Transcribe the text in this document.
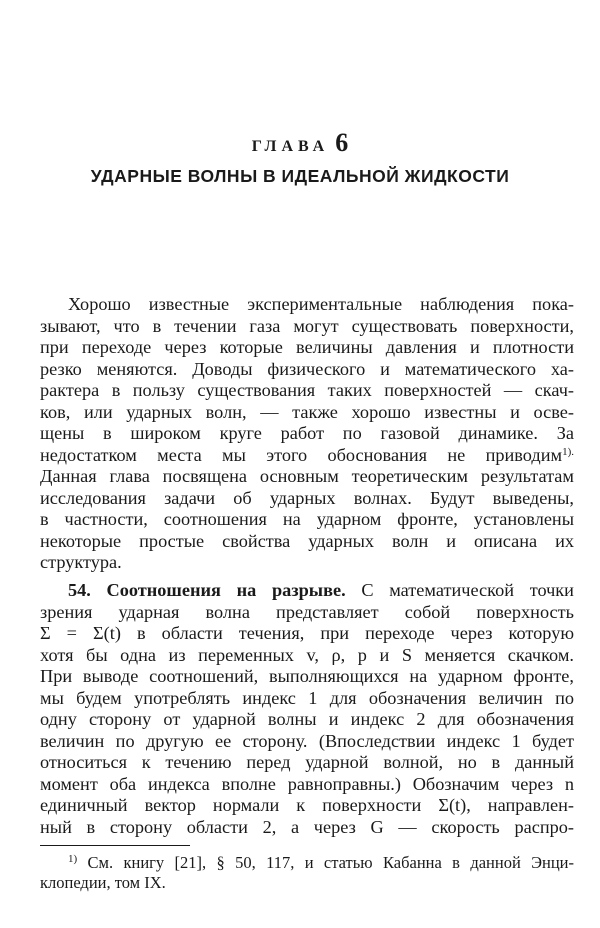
ГЛАВА 6
УДАРНЫЕ ВОЛНЫ В ИДЕАЛЬНОЙ ЖИДКОСТИ
Хорошо известные экспериментальные наблюдения пока-
зывают, что в течении газа могут существовать поверхности,
при переходе через которые величины давления и плотности
резко меняются. Доводы физического и математического ха-
рактера в пользу существования таких поверхностей — скач-
ков, или ударных волн, — также хорошо известны и осве-
щены в широком круге работ по газовой динамике. За
недостатком места мы этого обоснования не приводим$^{1).}$
Данная глава посвящена основным теоретическим результатам
исследования задачи об ударных волнах. Будут выведены,
в частности, соотношения на ударном фронте, установлены
некоторые простые свойства ударных волн и описана их
структура.
54. Соотношения на разрыве. С математической точки
зрения ударная волна представляет собой поверхность
Σ = Σ(t) в области течения, при переходе через которую
хотя бы одна из переменных v, ρ, p и S меняется скачком.
При выводе соотношений, выполняющихся на ударном фронте,
мы будем употреблять индекс 1 для обозначения величин по
одну сторону от ударной волны и индекс 2 для обозначения
величин по другую ее сторону. (Впоследствии индекс 1 будет
относиться к течению перед ударной волной, но в данный
момент оба индекса вполне равноправны.) Обозначим через n
единичный вектор нормали к поверхности Σ(t), направлен-
ный в сторону области 2, а через G — скорость распро-
$^{1)}$ См. книгу [21], § 50, 117, и статью Кабанна в данной Энци-
клопедии, том IX.
